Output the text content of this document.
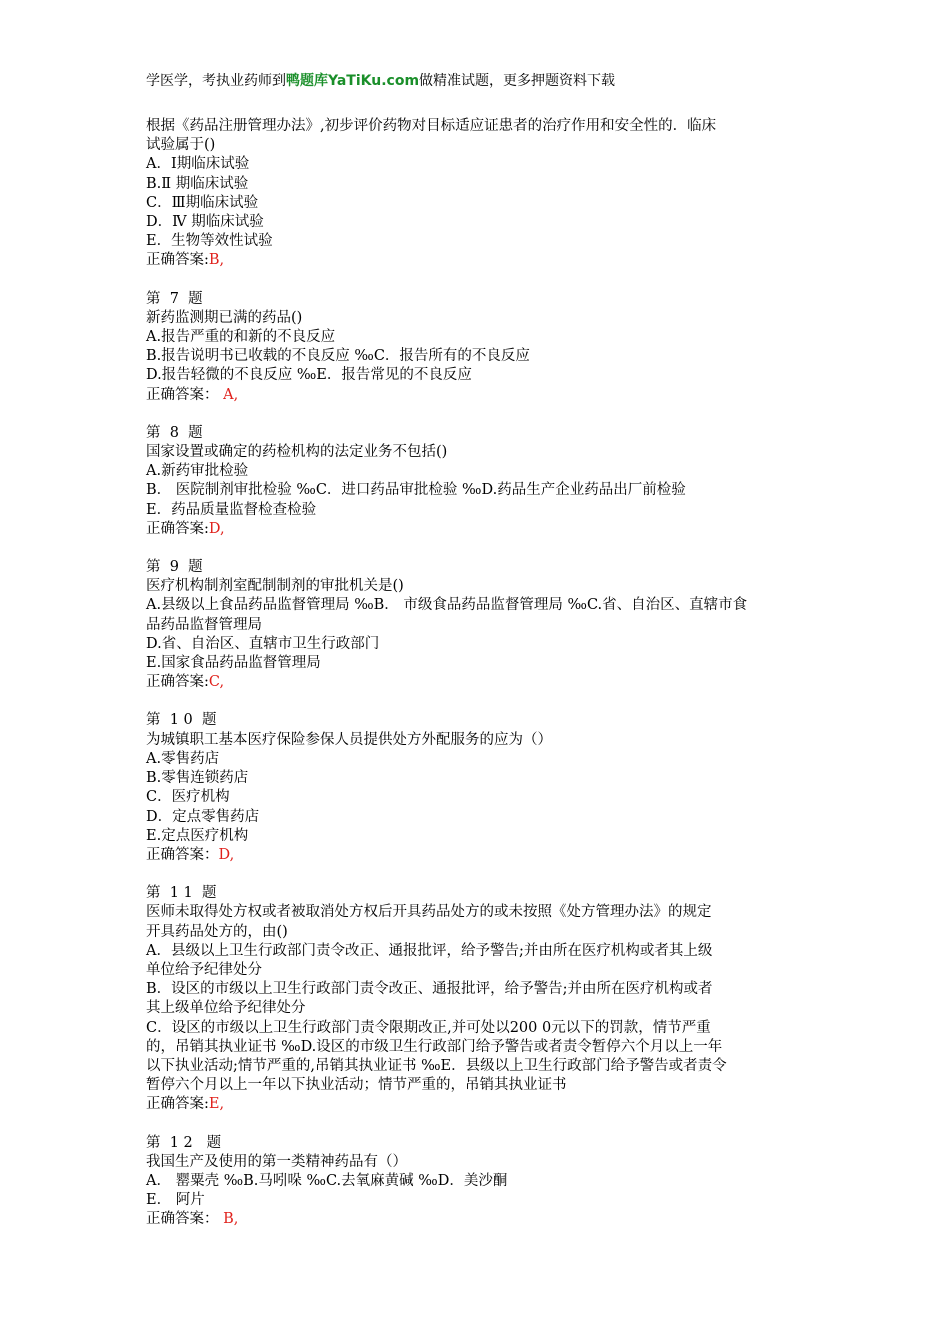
学医学，考执业药师到鸭题库YaTiKu.com做精准试题，更多押题资料下载
根据《药品注册管理办法》,初步评价药物对目标适应证患者的治疗作用和安全性的．临床
试验属于()
A．Ⅰ期临床试验
B.Ⅱ 期临床试验
C．Ⅲ期临床试验
D．Ⅳ 期临床试验
E．生物等效性试验
正确答案:B,
第  7  题
新药监测期已满的药品()
A.报告严重的和新的不良反应
B.报告说明书已收载的不良反应 ‰C．报告所有的不良反应
D.报告轻微的不良反应 ‰E．报告常见的不良反应
正确答案： A,
第  8  题
国家设置或确定的药检机构的法定业务不包括()
A.新药审批检验
B． 医院制剂审批检验 ‰C．进口药品审批检验 ‰D.药品生产企业药品出厂前检验
E．药品质量监督检查检验
正确答案:D,
第  9  题
医疗机构制剂室配制制剂的审批机关是()
A.县级以上食品药品监督管理局 ‰B． 市级食品药品监督管理局 ‰C.省、自治区、直辖市食
品药品监督管理局
D.省、自治区、直辖市卫生行政部门
E.国家食品药品监督管理局
正确答案:C,
第  1 0  题
为城镇职工基本医疗保险参保人员提供处方外配服务的应为（）
A.零售药店
B.零售连锁药店
C．医疗机构
D．定点零售药店
E.定点医疗机构
正确答案：D,
第  1 1  题
医师未取得处方权或者被取消处方权后开具药品处方的或未按照《处方管理办法》的规定
开具药品处方的，由()
A．县级以上卫生行政部门责令改正、通报批评，给予警告;并由所在医疗机构或者其上级
单位给予纪律处分
B．设区的市级以上卫生行政部门责令改正、通报批评，给予警告;并由所在医疗机构或者
其上级单位给予纪律处分
C．设区的市级以上卫生行政部门责令限期改正,并可处以200 0元以下的罚款，情节严重
的，吊销其执业证书 ‰D.设区的市级卫生行政部门给予警告或者责令暂停六个月以上一年
以下执业活动;情节严重的,吊销其执业证书 ‰E．县级以上卫生行政部门给予警告或者责令
暂停六个月以上一年以下执业活动；情节严重的，吊销其执业证书
正确答案:E,
第  1 2   题
我国生产及使用的第一类精神药品有（）
A． 罂粟壳 ‰B.马吲哚 ‰C.去氧麻黄碱 ‰D．美沙酮
E． 阿片
正确答案： B,
